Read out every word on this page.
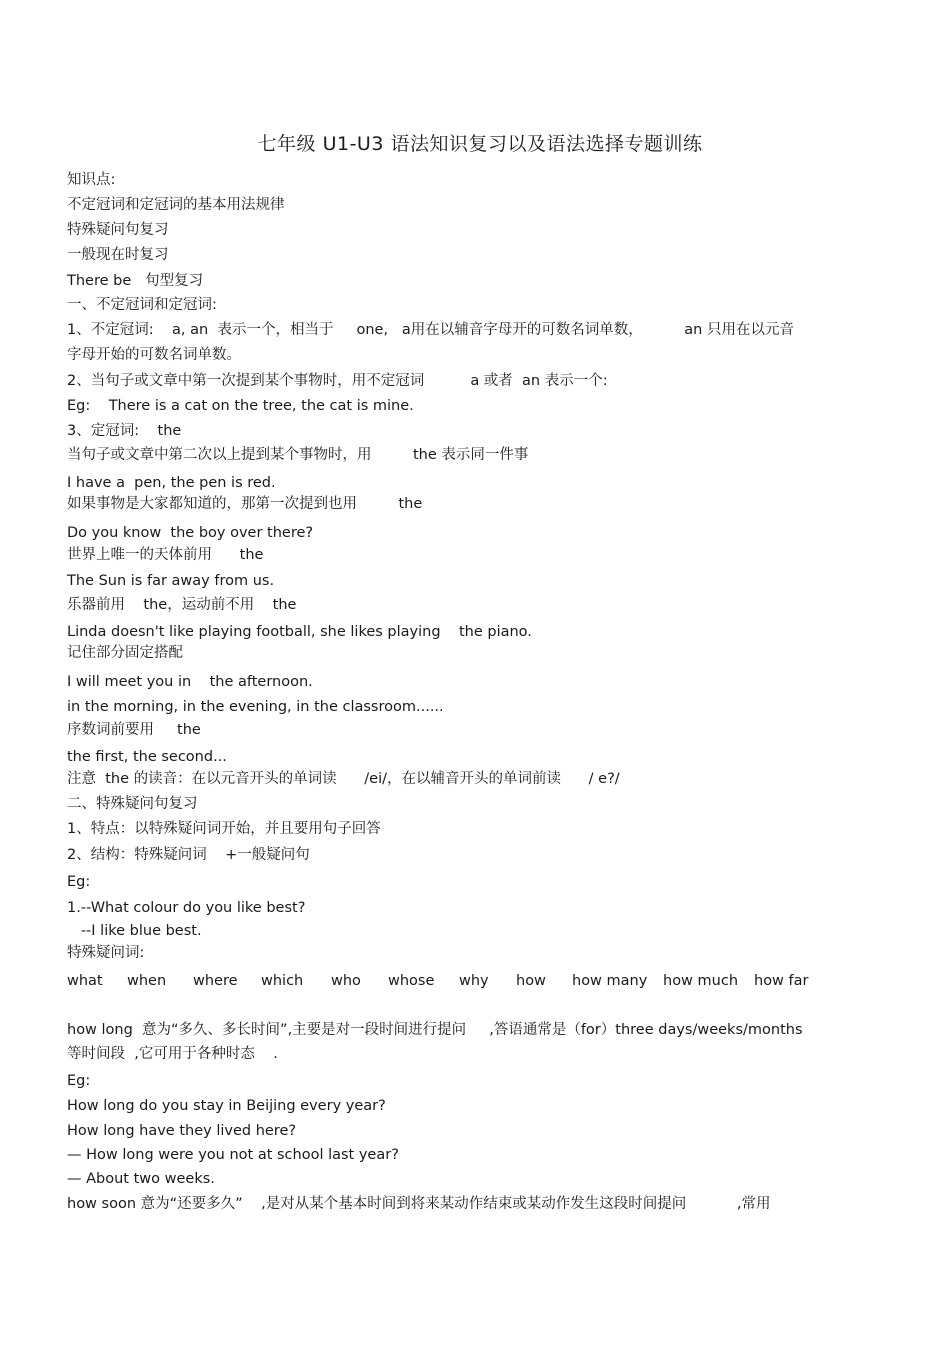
七年级 U1-U3 语法知识复习以及语法选择专题训练
知识点:
不定冠词和定冠词的基本用法规律
特殊疑问句复习
一般现在时复习
There be   句型复习
一、不定冠词和定冠词:
1、不定冠词:    a, an  表示一个，相当于     one,   a用在以辅音字母开的可数名词单数，         an 只用在以元音
字母开始的可数名词单数。
2、当句子或文章中第一次提到某个事物时，用不定冠词          a 或者  an 表示一个:
Eg:    There is a cat on the tree, the cat is mine.
3、定冠词:    the
当句子或文章中第二次以上提到某个事物时，用         the 表示同一件事
I have a  pen, the pen is red.
如果事物是大家都知道的，那第一次提到也用         the
Do you know  the boy over there?
世界上唯一的天体前用      the
The Sun is far away from us.
乐器前用    the，运动前不用    the
Linda doesn't like playing football, she likes playing    the piano.
记住部分固定搭配
I will meet you in    the afternoon.
in the morning, in the evening, in the classroom......
序数词前要用     the
the first, the second...
注意  the 的读音：在以元音开头的单词读      /ei/，在以辅音开头的单词前读      / e?/
二、特殊疑问句复习
1、特点：以特殊疑问词开始，并且要用句子回答
2、结构：特殊疑问词    +一般疑问句
Eg:
1.--What colour do you like best?
--I like blue best.
特殊疑问词:
what when where which who whose why how how many how much how far
how long  意为“多久、多长时间”,主要是对一段时间进行提问     ,答语通常是（for）three days/weeks/months
等时间段  ,它可用于各种时态    .
Eg:
How long do you stay in Beijing every year?
How long have they lived here?
— How long were you not at school last year?
— About two weeks.
how soon 意为“还要多久”    ,是对从某个基本时间到将来某动作结束或某动作发生这段时间提问           ,常用
